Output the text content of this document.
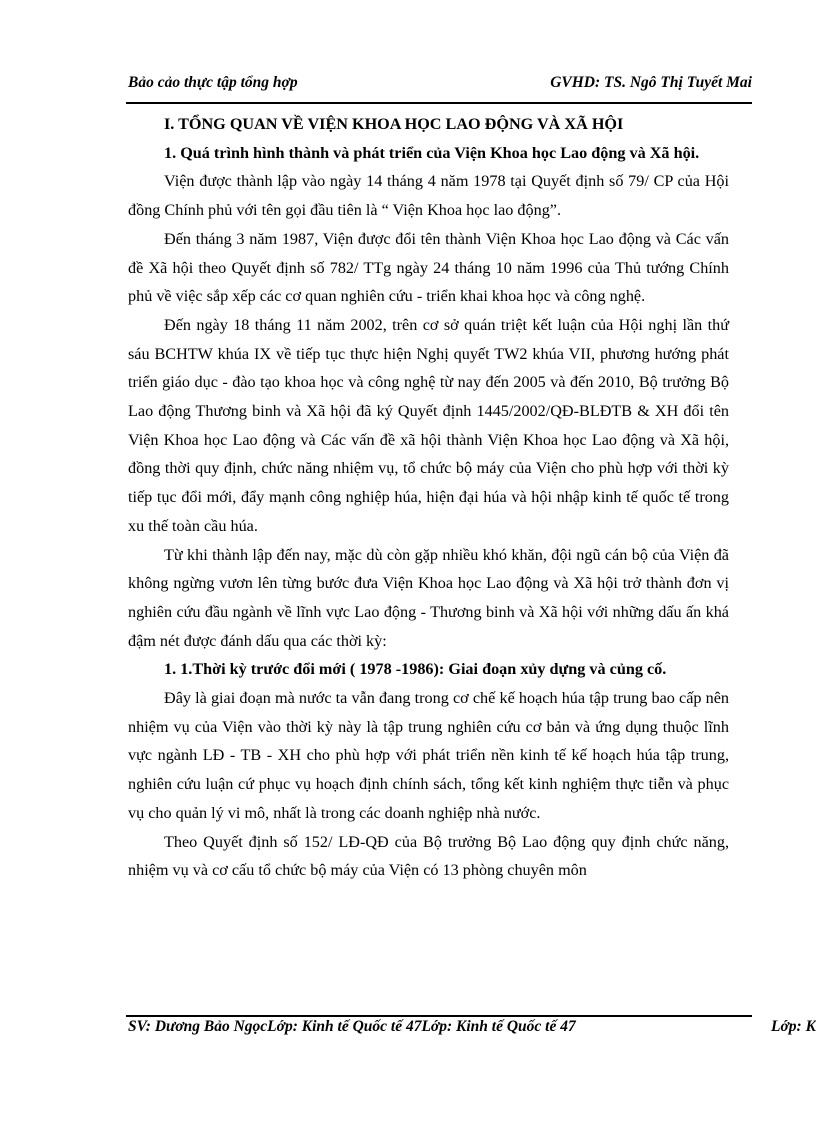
Bảo cảo thực tập tổng hợp	GVHD: TS. Ngô Thị Tuyết Mai

I. TỔNG QUAN VỀ VIỆN KHOA HỌC LAO ĐỘNG VÀ XÃ HỘI

1. Quá trình hình thành và phát triển của Viện Khoa học Lao động và Xã hội.

Viện được thành lập vào ngày 14 tháng 4 năm 1978 tại Quyết định số 79/ CP của Hội đồng Chính phủ với tên gọi đầu tiên là “ Viện Khoa học lao động”.

Đến tháng 3 năm 1987, Viện được đổi tên thành Viện Khoa học Lao động và Các vấn đề Xã hội theo Quyết định số 782/ TTg ngày 24 tháng 10 năm 1996 của Thủ tướng Chính phủ về việc sắp xếp các cơ quan nghiên cứu - triển khai khoa học và công nghệ.

Đến ngày 18 tháng 11 năm 2002, trên cơ sở quán triệt kết luận của Hội nghị lần thứ sáu BCHTW khúa IX về tiếp tục thực hiện Nghị quyết TW2 khúa VII, phương hướng phát triển giáo dục - đào tạo khoa học và công nghệ từ nay đến 2005 và đến 2010, Bộ trưởng Bộ Lao động Thương binh và Xã hội đã ký Quyết định 1445/2002/QĐ-BLĐTB & XH đổi tên Viện Khoa học Lao động và Các vấn đề xã hội thành Viện Khoa học Lao động và Xã hội, đồng thời quy định, chức năng nhiệm vụ, tổ chức bộ máy của Viện cho phù hợp với thời kỳ tiếp tục đổi mới, đẩy mạnh công nghiệp húa, hiện đại húa và hội nhập kinh tế quốc tế trong xu thế toàn cầu húa.

Từ khi thành lập đến nay, mặc dù còn gặp nhiều khó khăn, đội ngũ cán bộ của Viện đã không ngừng vươn lên từng bước đưa Viện Khoa học Lao động và Xã hội trở thành đơn vị nghiên cứu đầu ngành về lĩnh vực Lao động - Thương binh và Xã hội với những dấu ấn khá đậm nét được đánh dấu qua các thời kỳ:

1. 1.Thời kỳ trước đổi mới ( 1978 -1986): Giai đoạn xủy dựng và củng cố.

Đây là giai đoạn mà nước ta vẫn đang trong cơ chế kế hoạch húa tập trung bao cấp nên nhiệm vụ của Viện vào thời kỳ này là tập trung nghiên cứu cơ bản và ứng dụng thuộc lĩnh vực ngành LĐ - TB - XH cho phù hợp với phát triển nền kinh tế kế hoạch húa tập trung, nghiên cứu luận cứ phục vụ hoạch định chính sách, tổng kết kinh nghiệm thực tiễn và phục vụ cho quản lý vi mô, nhất là trong các doanh nghiệp nhà nước.

Theo Quyết định số 152/ LĐ-QĐ của Bộ trưởng Bộ Lao động quy định chức năng, nhiệm vụ và cơ cấu tổ chức bộ máy của Viện có 13 phòng chuyên môn

SV: Dương Bảo NgọcLớp: Kinh tế Quốc tế 47Lớp: Kinh tế Quốc tế 47	Lớp: K
